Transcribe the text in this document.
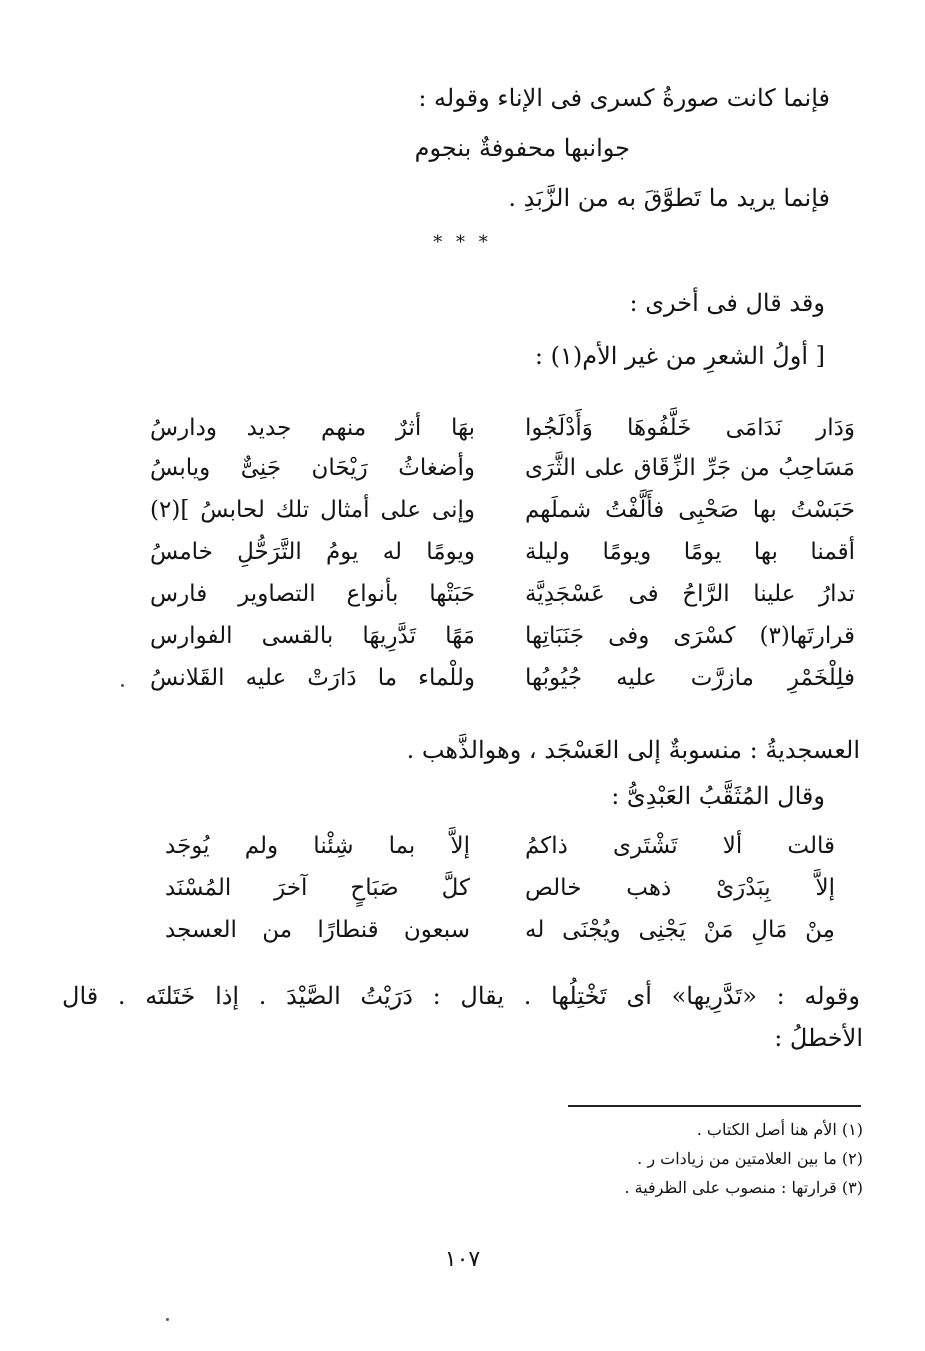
فإنما كانت صورةُ كسرى فى الإناء وقوله :
جوانبها محفوفةٌ بنجوم
فإنما يريد ما تَطوَّقَ به من الزَّبَدِ .
* * *
وقد قال فى أخرى :
[ أولُ الشعرِ من غير الأم(١) :
وَدَار نَدَامَى خَلَّفُوهَا وَأَدْلَجُوا
بهَا أثرٌ منهم جديد ودارسُ
مَسَاحِبُ من جَرِّ الزِّقَاق على الثَّرَى
وأضغاثُ رَيْحَان جَنِىٌّ ويابسُ
حَبَسْتُ بها صَحْبِى فأَلَّفْتُ شملَهم
وإنى على أمثال تلك لحابسُ ](٢)
أقمنا بها يومًا ويومًا وليلة
ويومًا له يومُ التَّرَحُّلِ خامسُ
تدارُ علينا الرَّاحُ فى عَسْجَدِيَّة
حَبَتْها بأنواع التصاوير فارس
قرارتَها(٣) كسْرَى وفى جَنَبَاتِها
مَهًا تَدَّرِيهَا بالقسى الفوارس
فلِلْخَمْرِ مازرَّت عليه جُيُوبُها
وللْماء ما دَارَتْ عليه القَلانسُ
العسجديةُ : منسوبةٌ إلى العَسْجَد ، وهوالذَّهب .
وقال المُثَقَّبُ العَبْدِىُّ :
قالت ألا تَشْتَرى ذاكمُ
إلاَّ بما شِئْنا ولم يُوجَد
إلاَّ بِبَدْرَىْ ذهب خالص
كلَّ صَبَاحٍ آخرَ المُسْنَد
مِنْ مَالِ مَنْ يَجْنِى ويُجْنَى له
سبعون قنطارًا من العسجد
وقوله : «تَدَّرِيها» أى تَخْتِلُها . يقال : دَرَيْتُ الصَّيْدَ . إذا خَتَلتَه . قال
الأخطلُ :
(١) الأم هنا أصل الكتاب .
(٢) ما بين العلامتين من زيادات ر .
(٣) قرارتها : منصوب على الظرفية .
١٠٧
